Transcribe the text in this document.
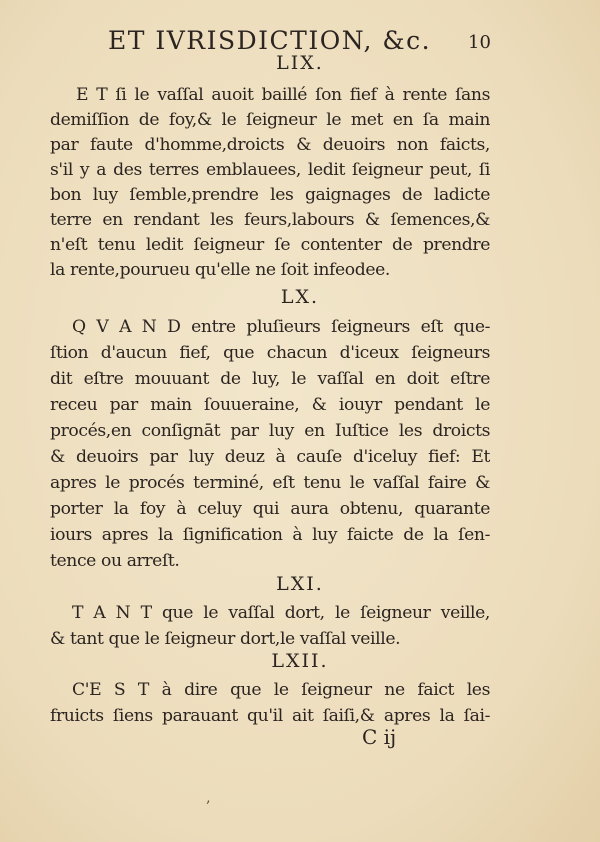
ET IVRISDICTION, &c. 10
LIX.
E T ſi le vaſſal auoit baillé ſon fief à rente ſans
demiſſion de foy,& le ſeigneur le met en ſa main
par faute d'homme,droicts & deuoirs non faicts,
s'il y a des terres emblauees, ledit ſeigneur peut, ſi
bon luy ſemble,prendre les gaignages de ladicte
terre en rendant les feurs,labours & ſemences,&
n'eſt tenu ledit ſeigneur ſe contenter de prendre
la rente,pourueu qu'elle ne ſoit infeodee.
LX.
Q V A N D entre pluſieurs ſeigneurs eſt que-
ſtion d'aucun fief, que chacun d'iceux ſeigneurs
dit eſtre mouuant de luy, le vaſſal en doit eſtre
receu par main ſouueraine, & iouyr pendant le
procés,en conſignāt par luy en Iuſtice les droicts
& deuoirs par luy deuz à cauſe d'iceluy fief: Et
apres le procés terminé, eſt tenu le vaſſal faire &
porter la foy à celuy qui aura obtenu, quarante
iours apres la ſignification à luy faicte de la ſen-
tence ou arreſt.
LXI.
T A N T que le vaſſal dort, le ſeigneur veille,
& tant que le ſeigneur dort,le vaſſal veille.
LXII.
C'E S T à dire que le ſeigneur ne faict les
fruicts ſiens parauant qu'il ait ſaiſi,& apres la ſai-
C ij
‚
